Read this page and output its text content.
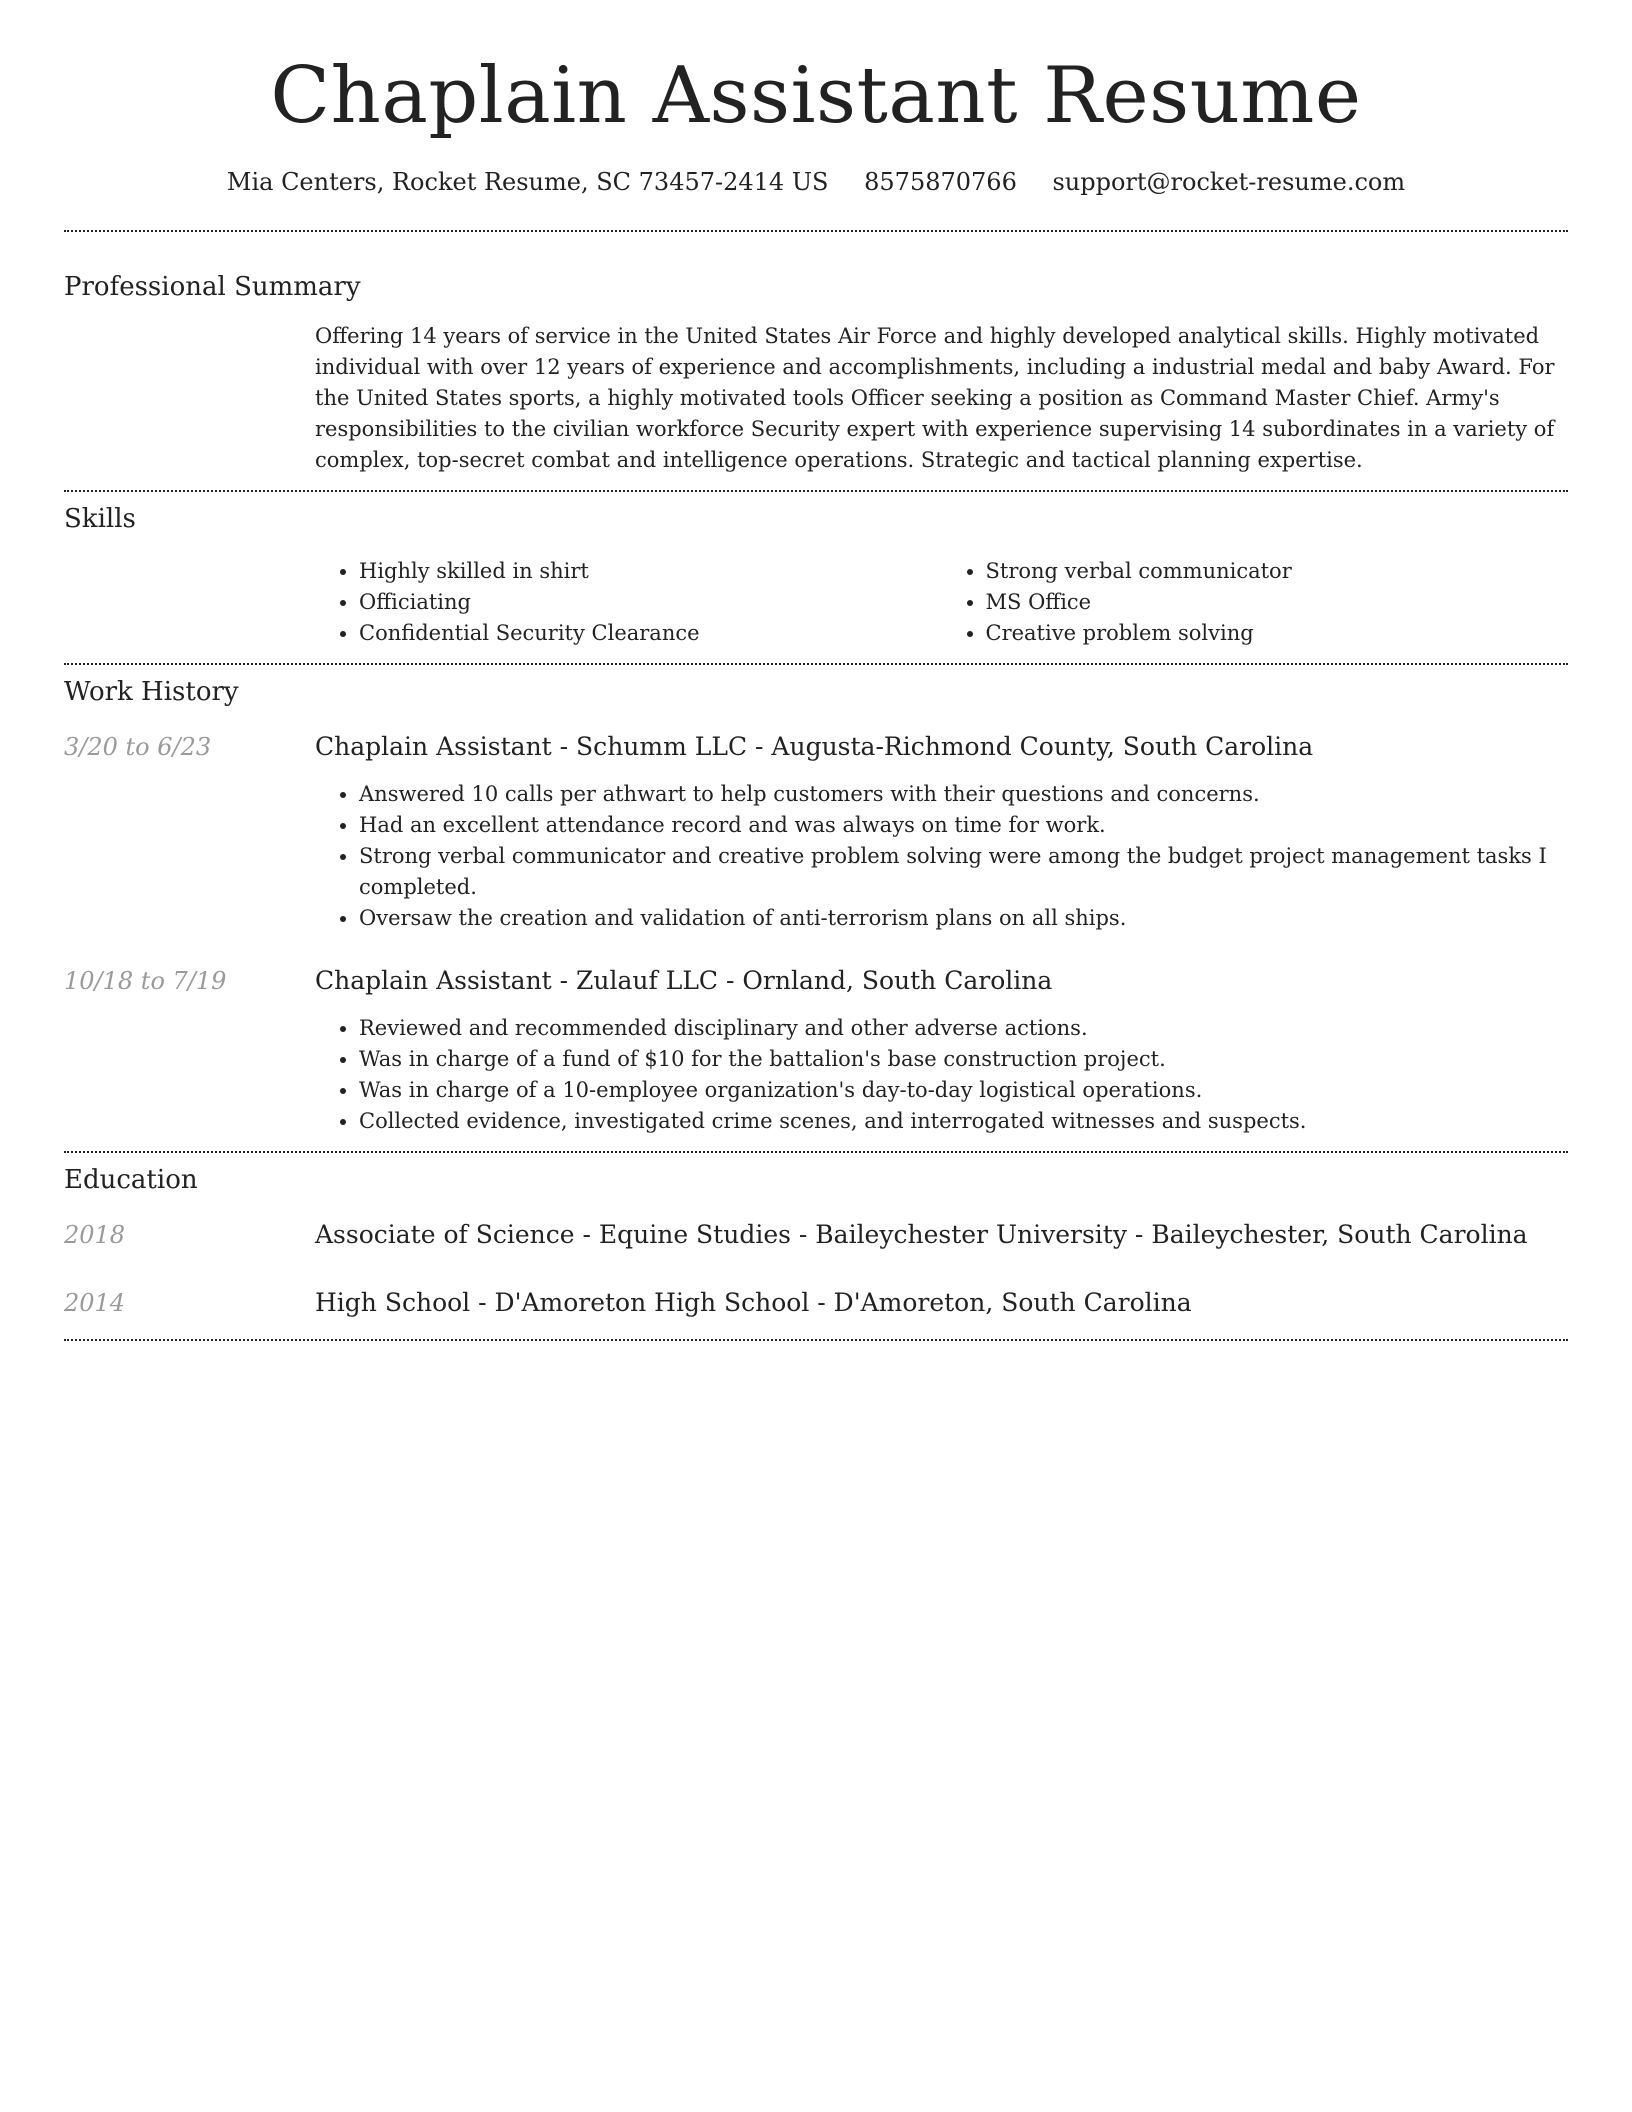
Chaplain Assistant Resume
Mia Centers, Rocket Resume, SC 73457-2414 US 8575870766 support@rocket-resume.com
Professional Summary

Offering 14 years of service in the United States Air Force and highly developed analytical skills. Highly motivated individual with over 12 years of experience and accomplishments, including a industrial medal and baby Award. For the United States sports, a highly motivated tools Officer seeking a position as Command Master Chief. Army's responsibilities to the civilian workforce Security expert with experience supervising 14 subordinates in a variety of complex, top-secret combat and intelligence operations. Strategic and tactical planning expertise.

Skills
• Highly skilled in shirt
• Officiating
• Confidential Security Clearance
• Strong verbal communicator
• MS Office
• Creative problem solving
Work History
3/20 to 6/23	Chaplain Assistant - Schumm LLC - Augusta-Richmond County, South Carolina
• Answered 10 calls per athwart to help customers with their questions and concerns.
• Had an excellent attendance record and was always on time for work.
• Strong verbal communicator and creative problem solving were among the budget project management tasks I completed.
• Oversaw the creation and validation of anti-terrorism plans on all ships.
10/18 to 7/19	Chaplain Assistant - Zulauf LLC - Ornland, South Carolina
• Reviewed and recommended disciplinary and other adverse actions.
• Was in charge of a fund of $10 for the battalion's base construction project.
• Was in charge of a 10-employee organization's day-to-day logistical operations.
• Collected evidence, investigated crime scenes, and interrogated witnesses and suspects.
Education
2018	Associate of Science - Equine Studies - Baileychester University - Baileychester, South Carolina
2014	High School - D'Amoreton High School - D'Amoreton, South Carolina
